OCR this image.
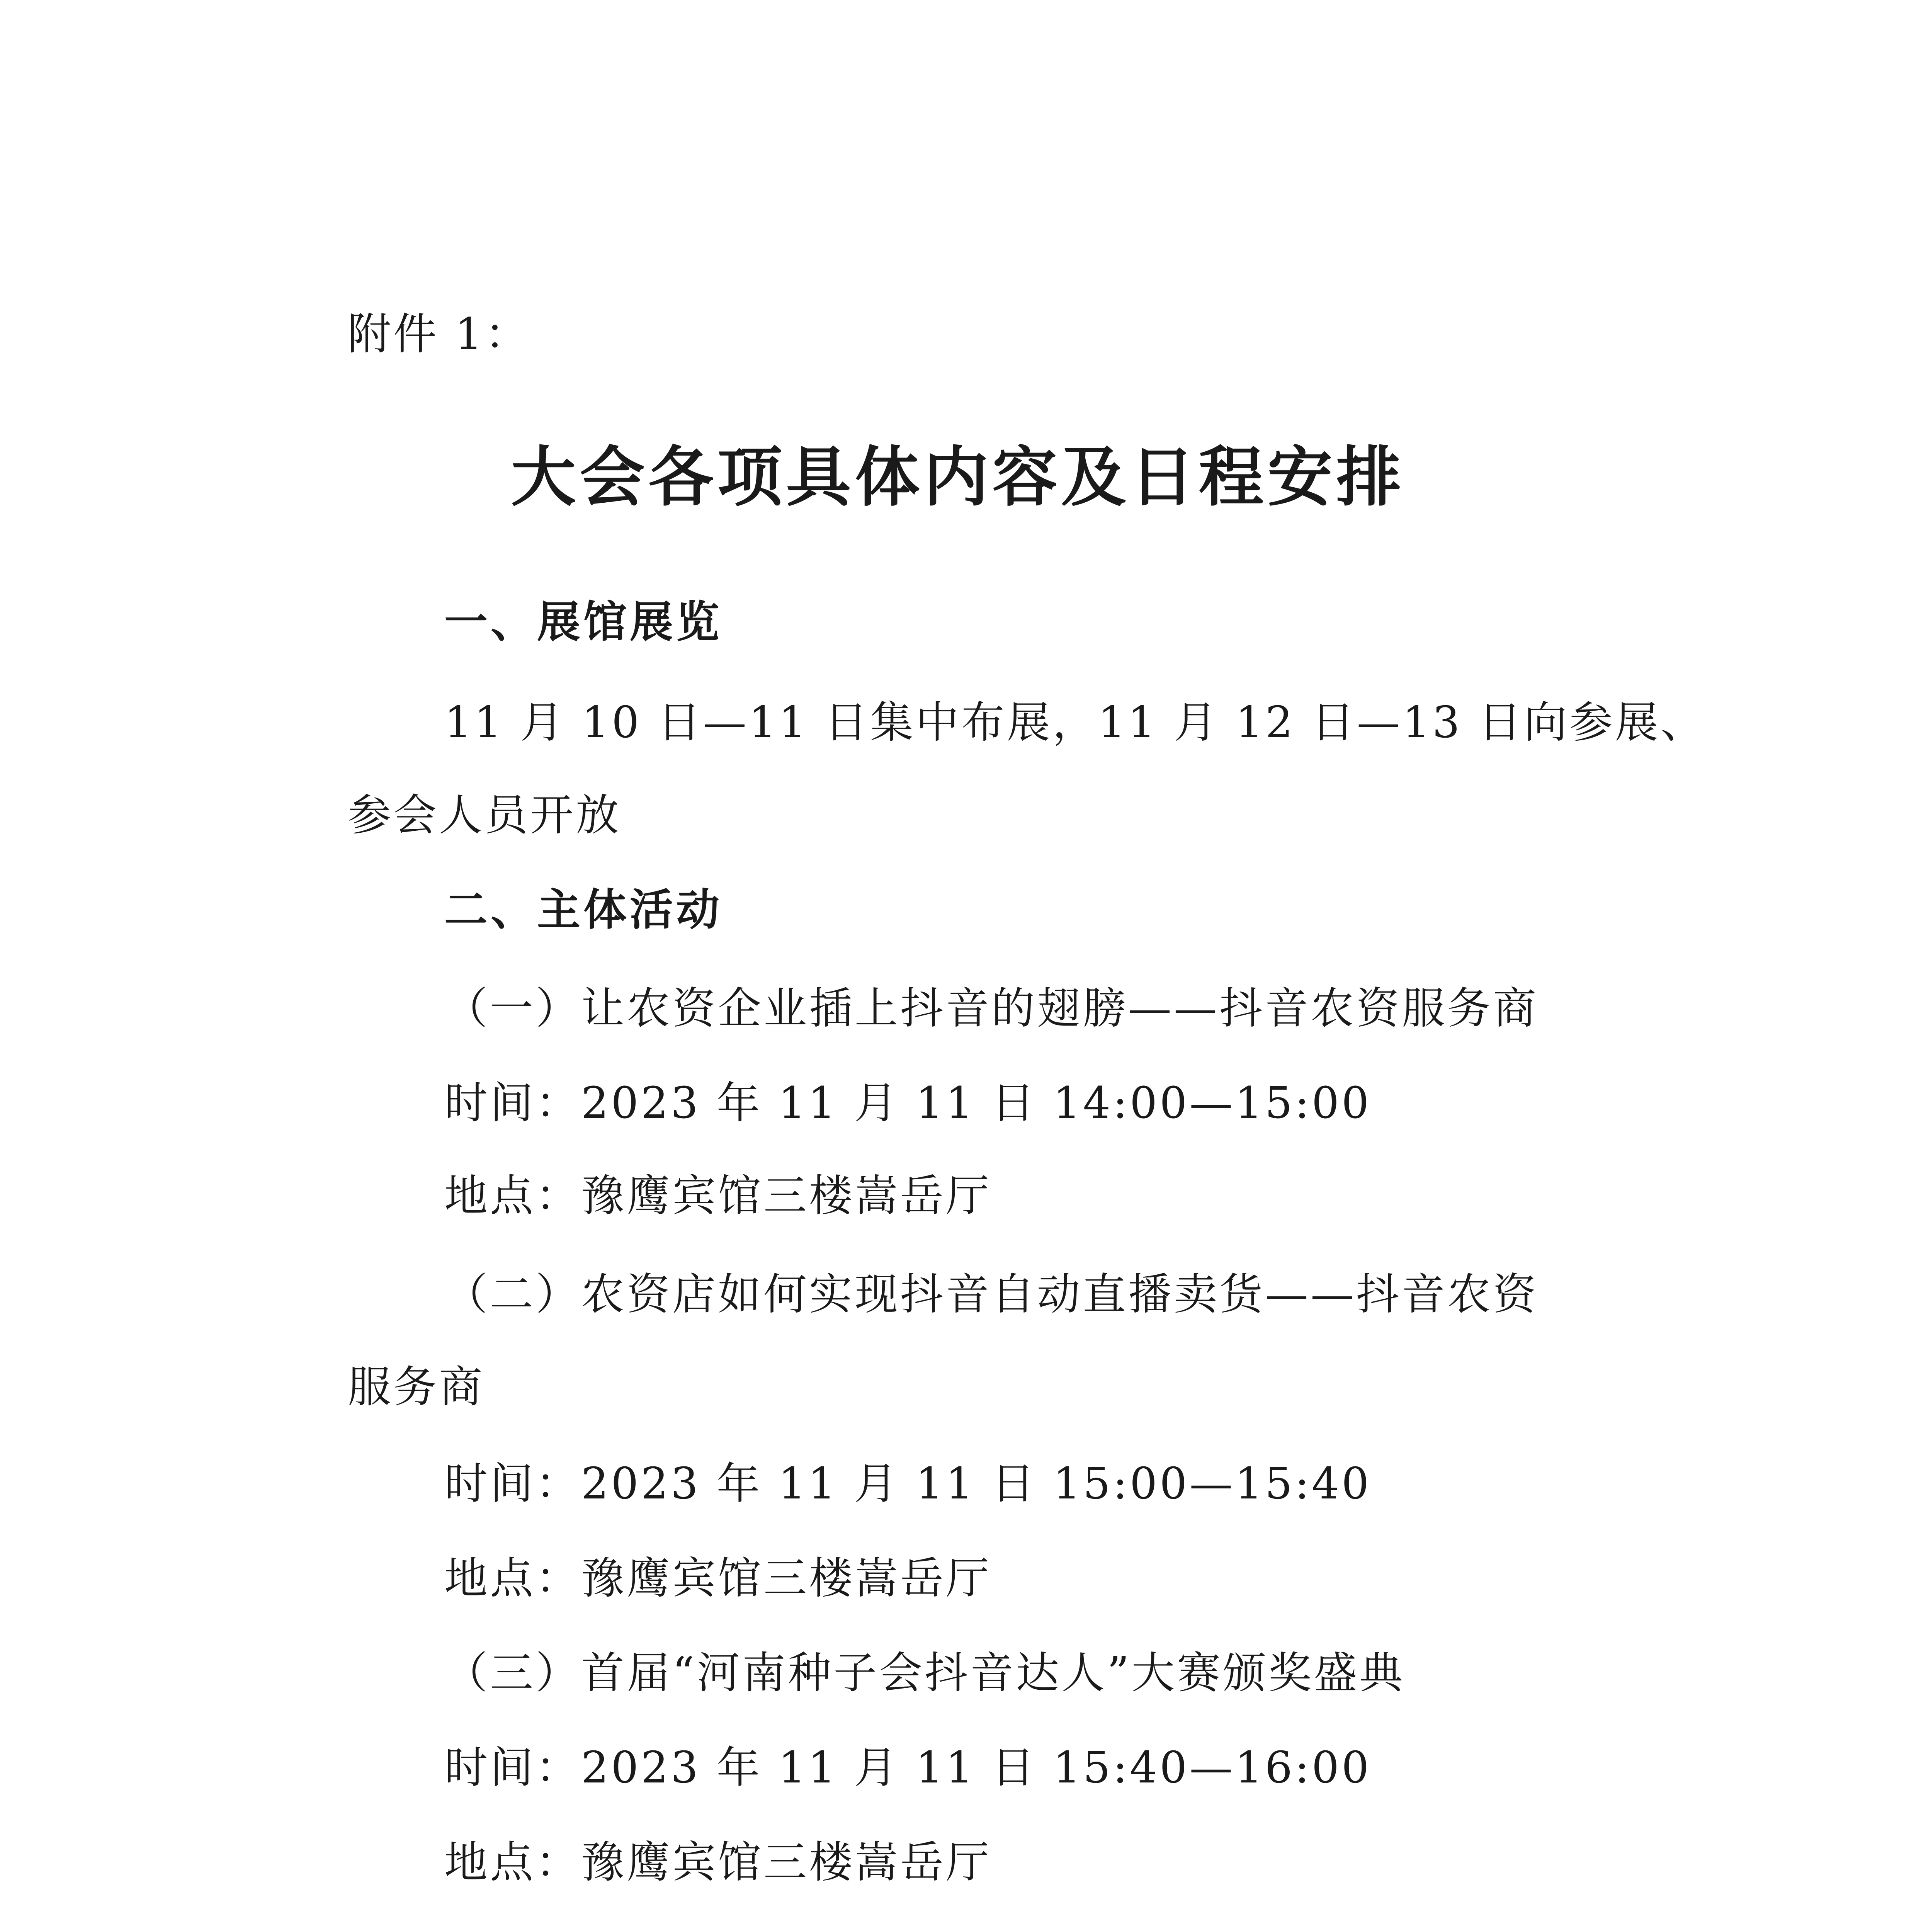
附件 1：
大会各项具体内容及日程安排
一、展馆展览
11 月 10 日—11 日集中布展，11 月 12 日—13 日向参展、
参会人员开放
二、主体活动
（一）让农资企业插上抖音的翅膀——抖音农资服务商
时间：2023 年 11 月 11 日 14:00—15:00
地点：豫鹰宾馆三楼嵩岳厅
（二）农资店如何实现抖音自动直播卖货——抖音农资
服务商
时间：2023 年 11 月 11 日 15:00—15:40
地点：豫鹰宾馆三楼嵩岳厅
（三）首届“河南种子会抖音达人”大赛颁奖盛典
时间：2023 年 11 月 11 日 15:40—16:00
地点：豫鹰宾馆三楼嵩岳厅
